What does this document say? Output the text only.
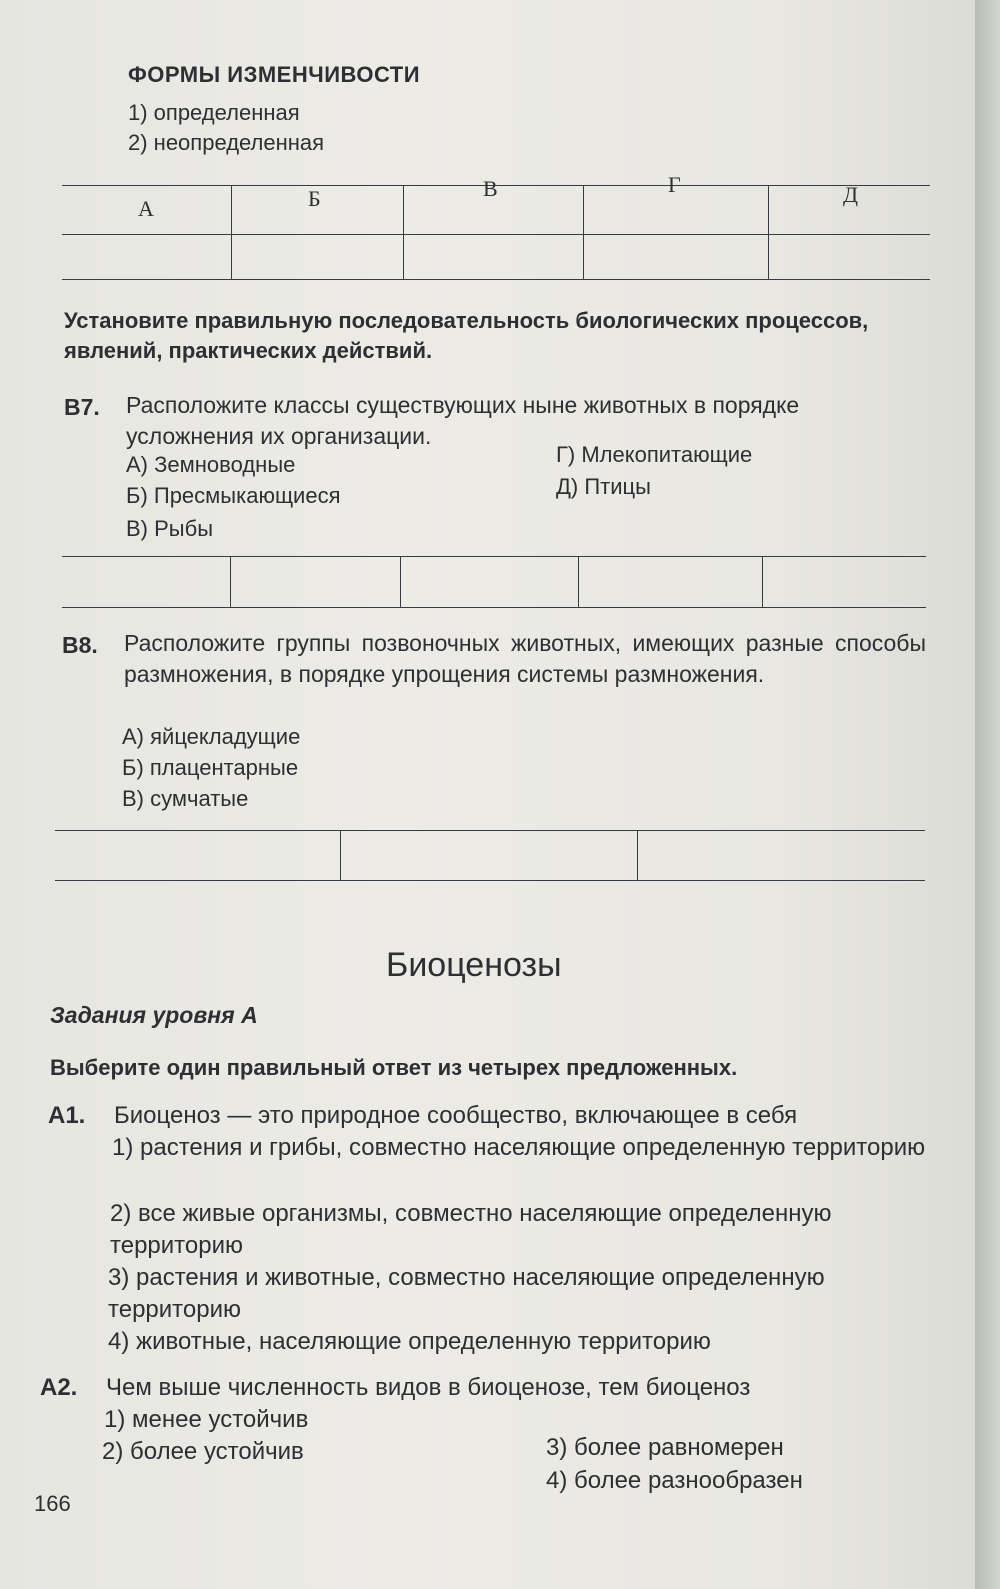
ФОРМЫ ИЗМЕНЧИВОСТИ
1) определенная
2) неопределенная
А	Б	В	Г	Д
Установите правильную последовательность биологических процессов, явлений, практических действий.
В7. Расположите классы существующих ныне животных в порядке усложнения их организации.
А) Земноводные
Б) Пресмыкающиеся
В) Рыбы
Г) Млекопитающие
Д) Птицы
В8. Расположите группы позвоночных животных, имеющих разные способы размножения, в порядке упрощения системы размножения.
А) яйцекладущие
Б) плацентарные
В) сумчатые
Биоценозы
Задания уровня А
Выберите один правильный ответ из четырех предложенных.
А1. Биоценоз — это природное сообщество, включающее в себя
1) растения и грибы, совместно населяющие определенную территорию
2) все живые организмы, совместно населяющие определенную территорию
3) растения и животные, совместно населяющие определенную территорию
4) животные, населяющие определенную территорию
А2. Чем выше численность видов в биоценозе, тем биоценоз
1) менее устойчив
2) более устойчив	3) более равномерен
4) более разнообразен
166
